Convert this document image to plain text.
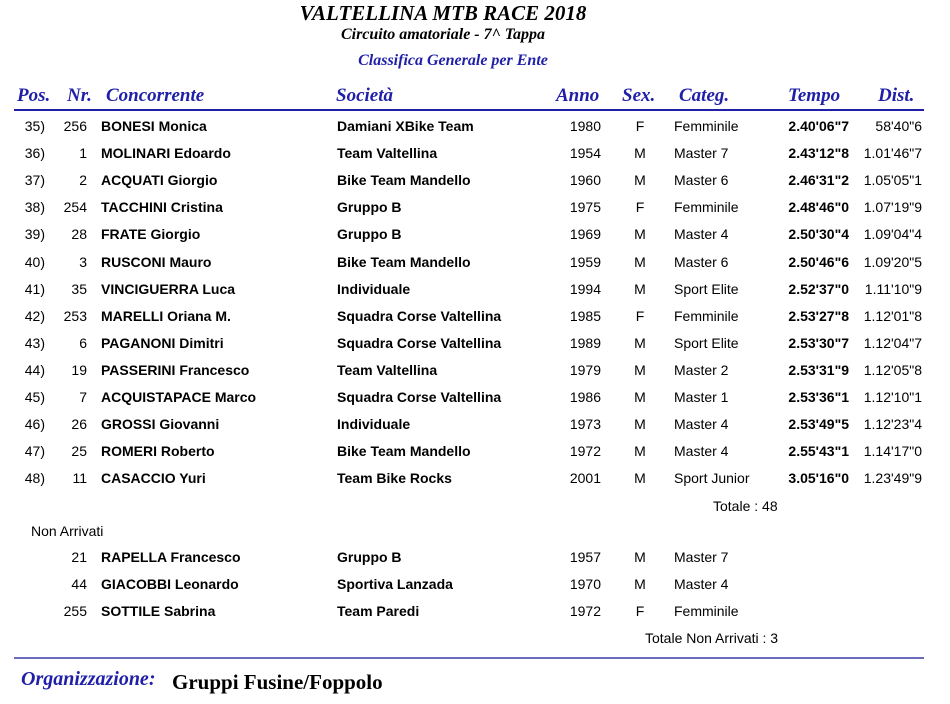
VALTELLINA MTB RACE 2018
Circuito amatoriale - 7^ Tappa
Classifica Generale per Ente
Pos. Nr. Concorrente	Società	Anno Sex. Categ.	Tempo Dist.
35)	256 BONESI Monica	Damiani XBike Team	1980	F	Femminile	2.40'06"7	58'40"6
36)	1 MOLINARI Edoardo	Team Valtellina	1954	M	Master 7	2.43'12"8	1.01'46"7
37)	2 ACQUATI Giorgio	Bike Team Mandello	1960	M	Master 6	2.46'31"2	1.05'05"1
38)	254 TACCHINI Cristina	Gruppo B	1975	F	Femminile	2.48'46"0	1.07'19"9
39)	28 FRATE Giorgio	Gruppo B	1969	M	Master 4	2.50'30"4	1.09'04"4
40)	3 RUSCONI Mauro	Bike Team Mandello	1959	M	Master 6	2.50'46"6	1.09'20"5
41)	35 VINCIGUERRA Luca	Individuale	1994	M	Sport Elite	2.52'37"0	1.11'10"9
42)	253 MARELLI Oriana M.	Squadra Corse Valtellina	1985	F	Femminile	2.53'27"8	1.12'01"8
43)	6 PAGANONI Dimitri	Squadra Corse Valtellina	1989	M	Sport Elite	2.53'30"7	1.12'04"7
44)	19 PASSERINI Francesco	Team Valtellina	1979	M	Master 2	2.53'31"9	1.12'05"8
45)	7 ACQUISTAPACE Marco	Squadra Corse Valtellina	1986	M	Master 1	2.53'36"1	1.12'10"1
46)	26 GROSSI Giovanni	Individuale	1973	M	Master 4	2.53'49"5	1.12'23"4
47)	25 ROMERI Roberto	Bike Team Mandello	1972	M	Master 4	2.55'43"1	1.14'17"0
48)	11 CASACCIO Yuri	Team Bike Rocks	2001	M	Sport Junior	3.05'16"0	1.23'49"9
Totale : 48
Non Arrivati
21 RAPELLA Francesco	Gruppo B	1957	M	Master 7
44 GIACOBBI Leonardo	Sportiva Lanzada	1970	M	Master 4
255 SOTTILE Sabrina	Team Paredi	1972	F	Femminile
Totale Non Arrivati : 3
Organizzazione: Gruppi Fusine/Foppolo
